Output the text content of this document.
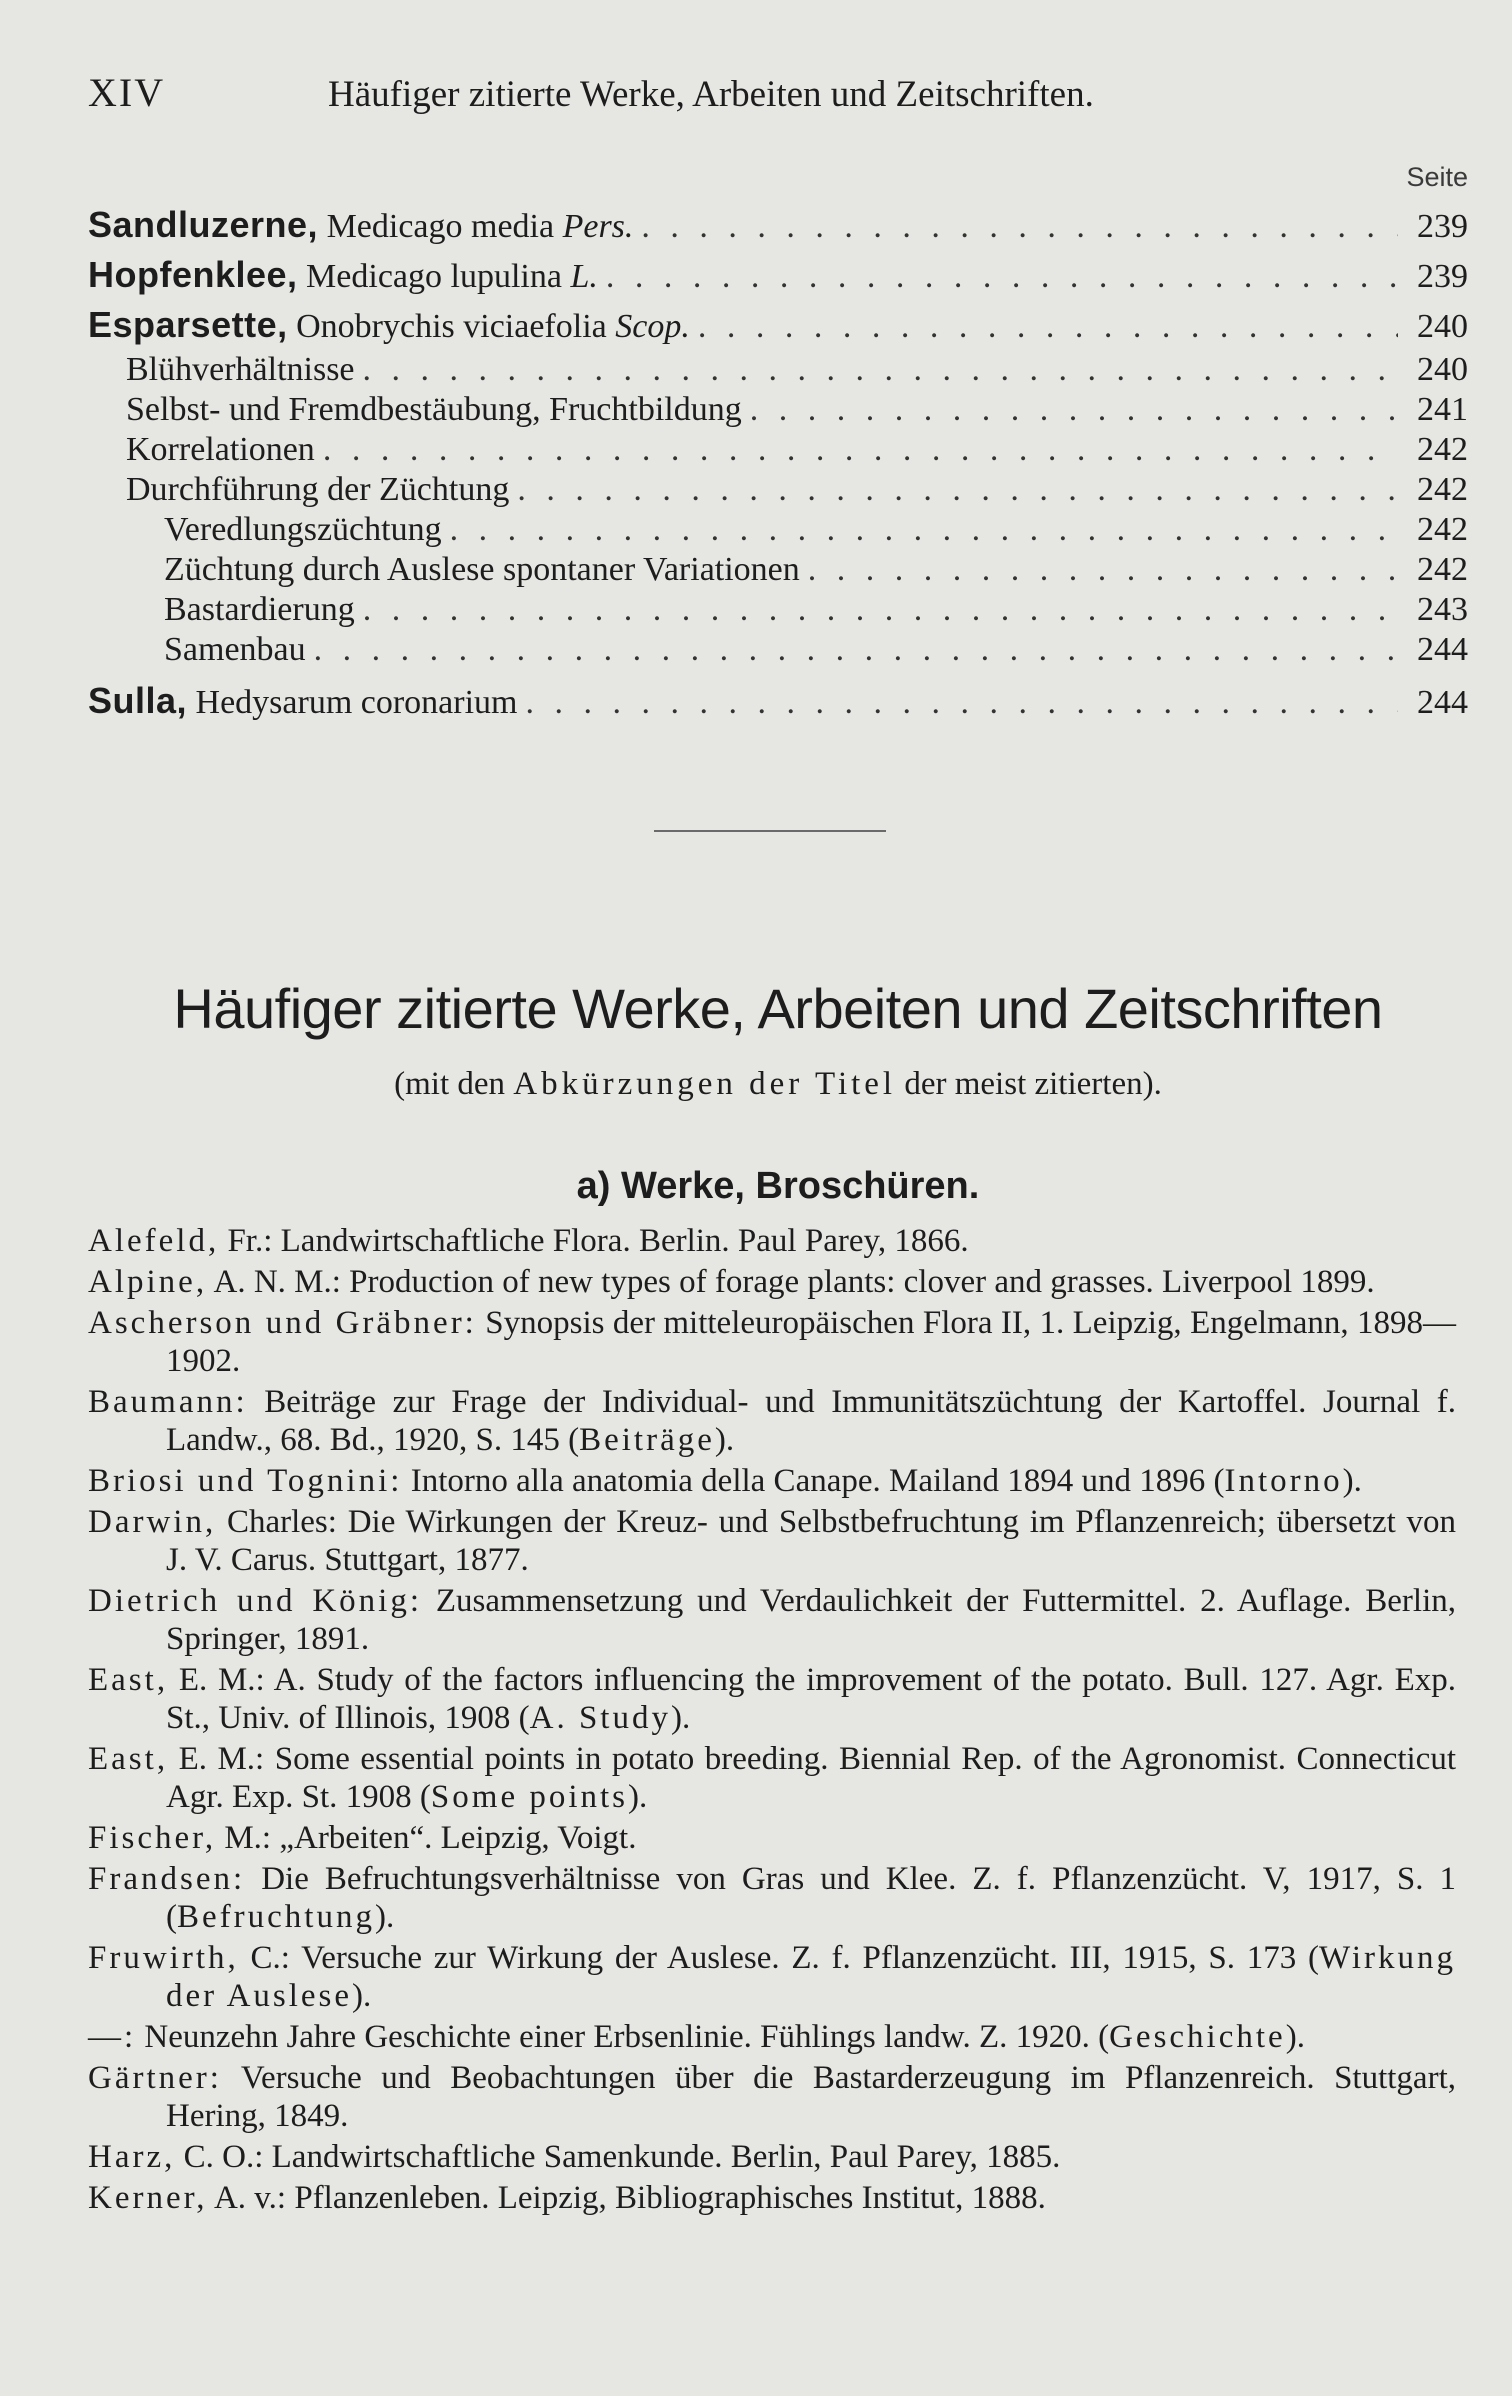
XIV	Häufiger zitierte Werke, Arbeiten und Zeitschriften.
Seite
Sandluzerne, Medicago media Pers. . . .	239
Hopfenklee, Medicago lupulina L. . . .	239
Esparsette, Onobrychis viciaefolia Scop. . . .	240
Blühverhältnisse . . .	240
Selbst- und Fremdbestäubung, Fruchtbildung . . .	241
Korrelationen . . .	242
Durchführung der Züchtung . . .	242
Veredlungszüchtung . . .	242
Züchtung durch Auslese spontaner Variationen . . .	242
Bastardierung . . .	243
Samenbau . . .	244
Sulla, Hedysarum coronarium . . .	244
Häufiger zitierte Werke, Arbeiten und Zeitschriften
(mit den Abkürzungen der Titel der meist zitierten).
a) Werke, Broschüren.
Alefeld, Fr.: Landwirtschaftliche Flora. Berlin. Paul Parey, 1866.
Alpine, A. N. M.: Production of new types of forage plants: clover and grasses. Liverpool 1899.
Ascherson und Gräbner: Synopsis der mitteleuropäischen Flora II, 1. Leipzig, Engelmann, 1898—1902.
Baumann: Beiträge zur Frage der Individual- und Immunitätszüchtung der Kartoffel. Journal f. Landw., 68. Bd., 1920, S. 145 (Beiträge).
Briosi und Tognini: Intorno alla anatomia della Canape. Mailand 1894 und 1896 (Intorno).
Darwin, Charles: Die Wirkungen der Kreuz- und Selbstbefruchtung im Pflanzenreich; übersetzt von J. V. Carus. Stuttgart, 1877.
Dietrich und König: Zusammensetzung und Verdaulichkeit der Futtermittel. 2. Auflage. Berlin, Springer, 1891.
East, E. M.: A. Study of the factors influencing the improvement of the potato. Bull. 127. Agr. Exp. St., Univ. of Illinois, 1908 (A. Study).
East, E. M.: Some essential points in potato breeding. Biennial Rep. of the Agronomist. Connecticut Agr. Exp. St. 1908 (Some points).
Fischer, M.: „Arbeiten“. Leipzig, Voigt.
Frandsen: Die Befruchtungsverhältnisse von Gras und Klee. Z. f. Pflanzenzücht. V, 1917, S. 1 (Befruchtung).
Fruwirth, C.: Versuche zur Wirkung der Auslese. Z. f. Pflanzenzücht. III, 1915, S. 173 (Wirkung der Auslese).
—: Neunzehn Jahre Geschichte einer Erbsenlinie. Fühlings landw. Z. 1920. (Geschichte).
Gärtner: Versuche und Beobachtungen über die Bastarderzeugung im Pflanzenreich. Stuttgart, Hering, 1849.
Harz, C. O.: Landwirtschaftliche Samenkunde. Berlin, Paul Parey, 1885.
Kerner, A. v.: Pflanzenleben. Leipzig, Bibliographisches Institut, 1888.
